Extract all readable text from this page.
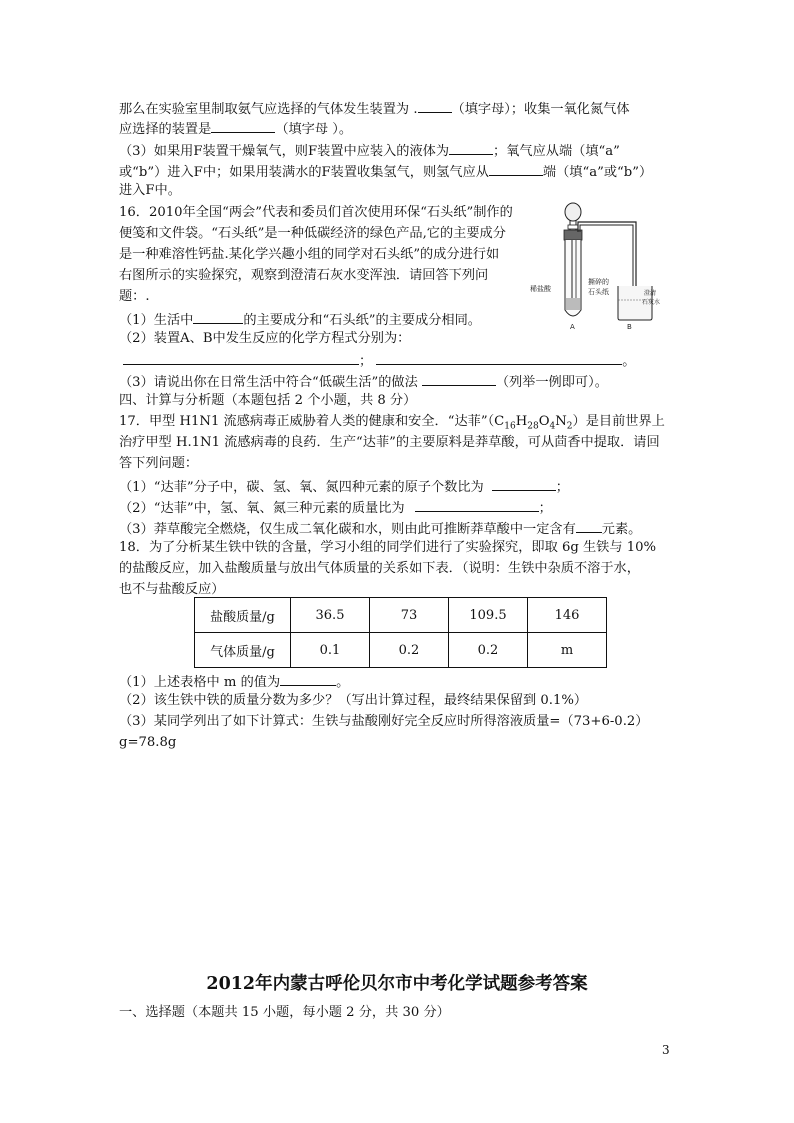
那么在实验室里制取氨气应选择的气体发生装置为 .	（填字母）；收集一氧化氮气体
应选择的装置是	（填字母 ）。
（3）如果用F装置干燥氧气，则F装置中应装入的液体为	；氧气应从端（填“a”
或“b”）进入F中；如果用装满水的F装置收集氢气，则氢气应从	端（填“a”或“b”）
进入F中。
16．2010年全国“两会”代表和委员们首次使用环保“石头纸”制作的
便笺和文件袋。“石头纸”是一种低碳经济的绿色产品,它的主要成分
是一种难溶性钙盐.某化学兴趣小组的同学对石头纸”的成分进行如
右图所示的实验探究，观察到澄清石灰水变浑浊．请回答下列问
题：.
（1）生活中	的主要成分和“石头纸”的主要成分相同。
（2）装置A、B中发生反应的化学方程式分别为：
；	。
（3）请说出你在日常生活中符合“低碳生活”的做法	（列举一例即可）。
稀盐酸
撕碎的
石头纸	澄清
石灰水
A	B
四、计算与分析题（本题包括 2 个小题，共 8 分）
17．甲型 H1N1 流感病毒正威胁着人类的健康和安全．“达菲$”(C_{16}H_{28}O_4N_2)$是目前世界上
治疗甲型 H.1N1 流感病毒的良药．生产“达菲”的主要原料是莽草酸，可从茴香中提取．请回
答下列问题：
（1）“达菲”分子中，碳、氢、氧、氮四种元素的原子个数比为	；
（2）“达菲”中，氢、氧、氮三种元素的质量比为	；
（3）莽草酸完全燃烧，仅生成二氧化碳和水，则由此可推断莽草酸中一定含有 元素。
18．为了分析某生铁中铁的含量，学习小组的同学们进行了实验探究，即取 6g 生铁与 10%
的盐酸反应，加入盐酸质量与放出气体质量的关系如下表．（说明：生铁中杂质不溶于水，
也不与盐酸反应）
盐酸质量/g	36.5	73	109.5	146
气体质量/g	0.1	0.2	0.2	m
（1）上述表格中 m 的值为	。
（2）该生铁中铁的质量分数为多少？（写出计算过程，最终结果保留到 0.1%）
（3）某同学列出了如下计算式：生铁与盐酸刚好完全反应时所得溶液质量=（73+6-0.2）
g=78.8g
2012年内蒙古呼伦贝尔市中考化学试题参考答案
一、选择题（本题共 15 小题，每小题 2 分，共 30 分）
3
